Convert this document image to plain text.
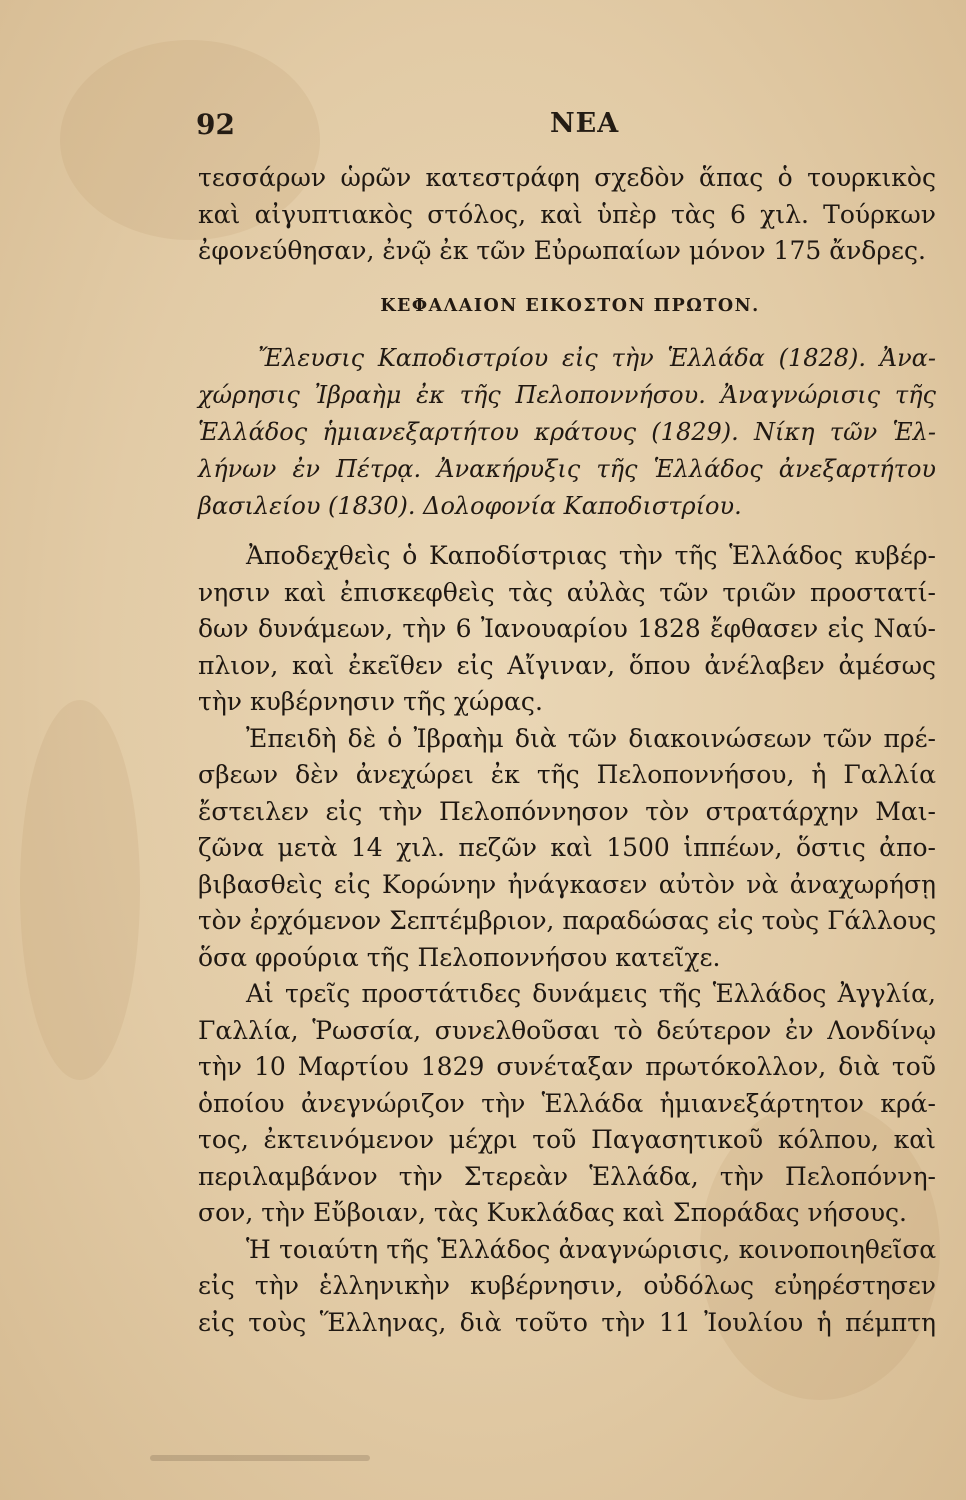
92	ΝΕΑ
τεσσάρων ὡρῶν κατεστράφη σχεδὸν ἅπας ὁ τουρκικὸς
καὶ αἰγυπτιακὸς στόλος, καὶ ὑπὲρ τὰς 6 χιλ. Τούρκων
ἐφονεύθησαν, ἐνῷ ἐκ τῶν Εὐρωπαίων μόνον 175 ἄνδρες.
ΚΕΦΑΛΑΙΟΝ ΕΙΚΟΣΤΟΝ ΠΡΩΤΟΝ.
Ἔλευσις Καποδιστρίου εἰς τὴν Ἑλλάδα (1828). Ἀνα-
χώρησις Ἰβραὴμ ἐκ τῆς Πελοποννήσου. Ἀναγνώρισις τῆς
Ἑλλάδος ἡμιανεξαρτήτου κράτους (1829). Νίκη τῶν Ἑλ-
λήνων ἐν Πέτρᾳ. Ἀνακήρυξις τῆς Ἑλλάδος ἀνεξαρτήτου
βασιλείου (1830). Δολοφονία Καποδιστρίου.
Ἀποδεχθεὶς ὁ Καποδίστριας τὴν τῆς Ἑλλάδος κυβέρ-
νησιν καὶ ἐπισκεφθεὶς τὰς αὐλὰς τῶν τριῶν προστατί-
δων δυνάμεων, τὴν 6 Ἰανουαρίου 1828 ἔφθασεν εἰς Ναύ-
πλιον, καὶ ἐκεῖθεν εἰς Αἴγιναν, ὅπου ἀνέλαβεν ἀμέσως
τὴν κυβέρνησιν τῆς χώρας.
Ἐπειδὴ δὲ ὁ Ἰβραὴμ διὰ τῶν διακοινώσεων τῶν πρέ-
σβεων δὲν ἀνεχώρει ἐκ τῆς Πελοποννήσου, ἡ Γαλλία
ἔστειλεν εἰς τὴν Πελοπόννησον τὸν στρατάρχην Μαι-
ζῶνα μετὰ 14 χιλ. πεζῶν καὶ 1500 ἱππέων, ὅστις ἀπο-
βιβασθεὶς εἰς Κορώνην ἠνάγκασεν αὐτὸν νὰ ἀναχωρήσῃ
τὸν ἐρχόμενον Σεπτέμβριον, παραδώσας εἰς τοὺς Γάλλους
ὅσα φρούρια τῆς Πελοποννήσου κατεῖχε.
Αἱ τρεῖς προστάτιδες δυνάμεις τῆς Ἑλλάδος Ἀγγλία,
Γαλλία, Ῥωσσία, συνελθοῦσαι τὸ δεύτερον ἐν Λονδίνῳ
τὴν 10 Μαρτίου 1829 συνέταξαν πρωτόκολλον, διὰ τοῦ
ὁποίου ἀνεγνώριζον τὴν Ἑλλάδα ἡμιανεξάρτητον κρά-
τος, ἐκτεινόμενον μέχρι τοῦ Παγασητικοῦ κόλπου, καὶ
περιλαμβάνον τὴν Στερεὰν Ἑλλάδα, τὴν Πελοπόννη-
σον, τὴν Εὔβοιαν, τὰς Κυκλάδας καὶ Σποράδας νήσους.
Ἡ τοιαύτη τῆς Ἑλλάδος ἀναγνώρισις, κοινοποιηθεῖσα
εἰς τὴν ἑλληνικὴν κυβέρνησιν, οὐδόλως εὐηρέστησεν
εἰς τοὺς Ἕλληνας, διὰ τοῦτο τὴν 11 Ἰουλίου ἡ πέμπτη
